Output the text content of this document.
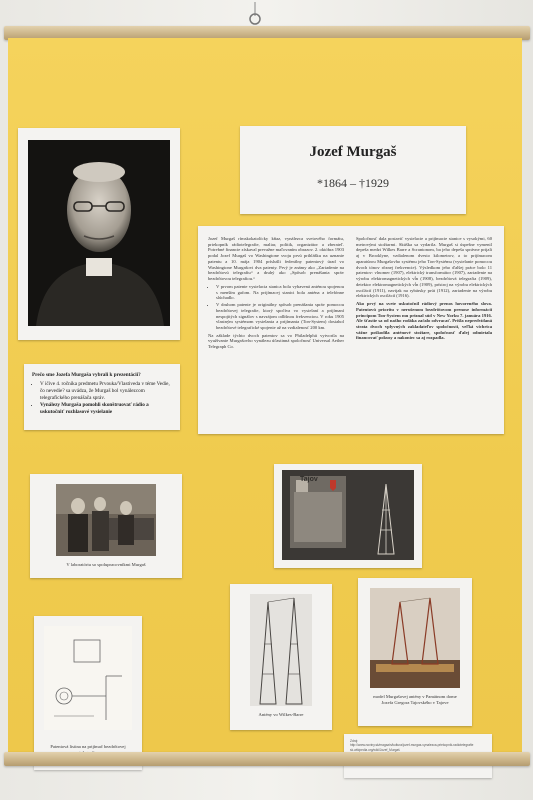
Jozef Murgaš
*1864 – †1929

Jozef Murgaš rímskokatolícky kňaz, vynálezca svetového formátu, priekopník rádiotelegrafie, maliar, politik, organizátor a zberateľ. Potrebné financie získaval prevažne maľovaním obrazov. 2. októbra 1903 podal Jozef Murgaš vo Washingtone svoju prvú prihlášku na uznanie patentu a 10. mája 1904 príslušli federálny patentový úrad vo Washingtone Murgašovi dva patenty. Prvý je známy ako „Zariadenie na bezdrôtovú telegrafiu“ a druhý ako „Spôsob prenášania správ bezdrôtovou telegrafiou.“

• V prvom patente vysielacia stanica bola vybavená anténou spojenou s menším gafom. Na prijímacej stanici bola anténa a telefónne slúchadlo.
• V druhom patente je originálny spôsob prenášania správ pomocou bezdrôtovej telegrafie, ktorý spočíva vo vysielaní a prijímaní nespojitých signálov s navzájom odlišnou frekvenciou. V roku 1905 vlastným systémom vysielania a prijímania (Ton-System) dosiahol bezdrôtové telegrafické spojenie až na vzdialenosť 200 km.

Na základe týchto dvoch patentov sa vo Philadelphii vytvorila na využívanie Murgašovho vynálezu účastinná spoločnosť Universal Aether Telegraph Co.

Spoločnosť dala postaviť vysielacie a prijímacie stanice s vysokými, 60 metrovými stožiarmi. Skúška sa vydarila. Murgaš si úspešne vymenil depeša medzi Wilkes Barre a Scrantonom, ba jeho depeša správne prijali aj v Brooklyne, vzdialenom dvesto kilometrov, a to prijímacom aparatúrou Murgašovho systému jeho Ton-Systému (vysielanie pomocou dvoch tónov rôznej frekvencie). Výsledkom jeho ďalšej práce bolo 11 patentov: vlnomer (1907), elektrický transformátor (1907), zariadenie na výrobu elektromagnetických vĺn (1908), bezdrôtová telegrafia (1909), detektor elektromagnetických vĺn (1909), prístroj na výrobu elektrických oscilácií (1911), navijak na rybársky prút (1912), zariadenie na výrobu elektrických oscilácií (1916).

Ako prvý na svete uskutočnil rádiový prenos hovoreného slova. Patentovú prioritu v nerušenom bezdrôtovom prenose informácií princípom Ton-System mu priznal súd v New Yorku 7. januára 1916. Ale šťastie sa od našho rodáka začalo odvracať. Prišla nepredvídaná strata dvoch vplyvných zakladateľov spoločnosti, veľká víchrica vážne poškodila anténové stožiare, spoločnosť ďalej odmietala financovať pokusy a nakoniec sa aj rozpadla.

Prečo sme Jozefa Murgaša vybrali k prezentácii?
• V ičive 4. ročníka predmetu Prvouka/Vlastiveda v téme Vedie, čo nevedie? sa uvádza, že Murgaš bol vynálezcom telegrafického prenášača správ.
• Vynálezy Murgaša pomohli skonštruovať rádio a uskutočniť rozhlasové vysielanie
V laboratóriu so spolupracovníkmi Murgaš
Tajov
Patentová listina na prijímač bezdrôtovej
Antény vo Wilkes-Barre
model Murgašovej antény v Pamätnom dome Jozefa Gregora Tajovského v Tajove
Zdroj:
http://www.noviny.sk/magazin/kultura/jozef-murgas-vynalezca-priekopnik-radiotelegrafie
sk.wikipedia.org/wiki/Jozef_Murgaš
